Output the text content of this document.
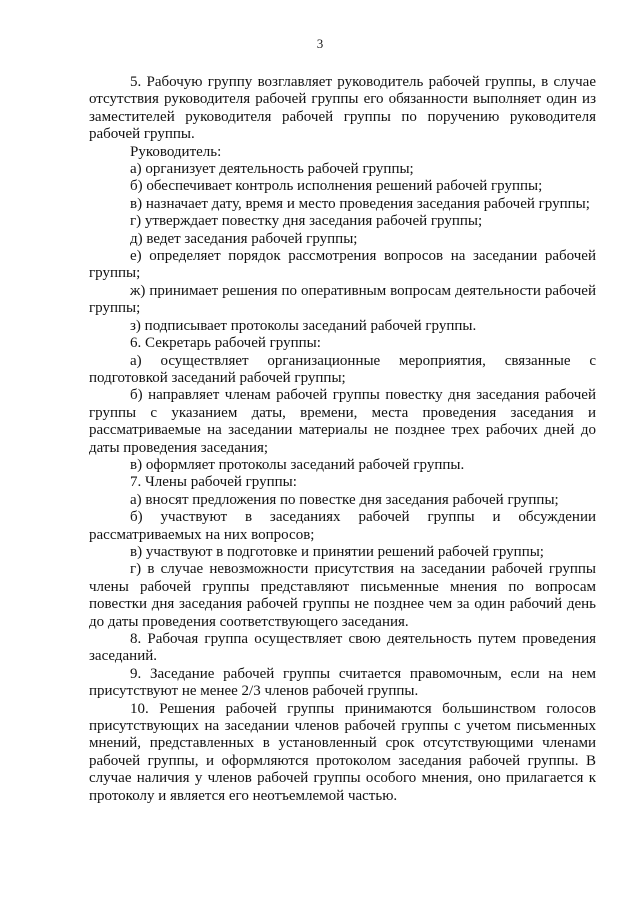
3

5. Рабочую группу возглавляет руководитель рабочей группы, в случае отсутствия руководителя рабочей группы его обязанности выполняет один из заместителей руководителя рабочей группы по поручению руководителя рабочей группы.

Руководитель:

а) организует деятельность рабочей группы;

б) обеспечивает контроль исполнения решений рабочей группы;

в) назначает дату, время и место проведения заседания рабочей группы;

г) утверждает повестку дня заседания рабочей группы;

д) ведет заседания рабочей группы;

е) определяет порядок рассмотрения вопросов на заседании рабочей группы;

ж) принимает решения по оперативным вопросам деятельности рабочей группы;

з) подписывает протоколы заседаний рабочей группы.

6. Секретарь рабочей группы:

а) осуществляет организационные мероприятия, связанные с подготовкой заседаний рабочей группы;

б) направляет членам рабочей группы повестку дня заседания рабочей группы с указанием даты, времени, места проведения заседания и рассматриваемые на заседании материалы не позднее трех рабочих дней до даты проведения заседания;

в) оформляет протоколы заседаний рабочей группы.

7. Члены рабочей группы:

а) вносят предложения по повестке дня заседания рабочей группы;

б) участвуют в заседаниях рабочей группы и обсуждении рассматриваемых на них вопросов;

в) участвуют в подготовке и принятии решений рабочей группы;

г) в случае невозможности присутствия на заседании рабочей группы члены рабочей группы представляют письменные мнения по вопросам повестки дня заседания рабочей группы не позднее чем за один рабочий день до даты проведения соответствующего заседания.

8. Рабочая группа осуществляет свою деятельность путем проведения заседаний.

9. Заседание рабочей группы считается правомочным, если на нем присутствуют не менее 2/3 членов рабочей группы.

10. Решения рабочей группы принимаются большинством голосов присутствующих на заседании членов рабочей группы с учетом письменных мнений, представленных в установленный срок отсутствующими членами рабочей группы, и оформляются протоколом заседания рабочей группы. В случае наличия у членов рабочей группы особого мнения, оно прилагается к протоколу и является его неотъемлемой частью.
